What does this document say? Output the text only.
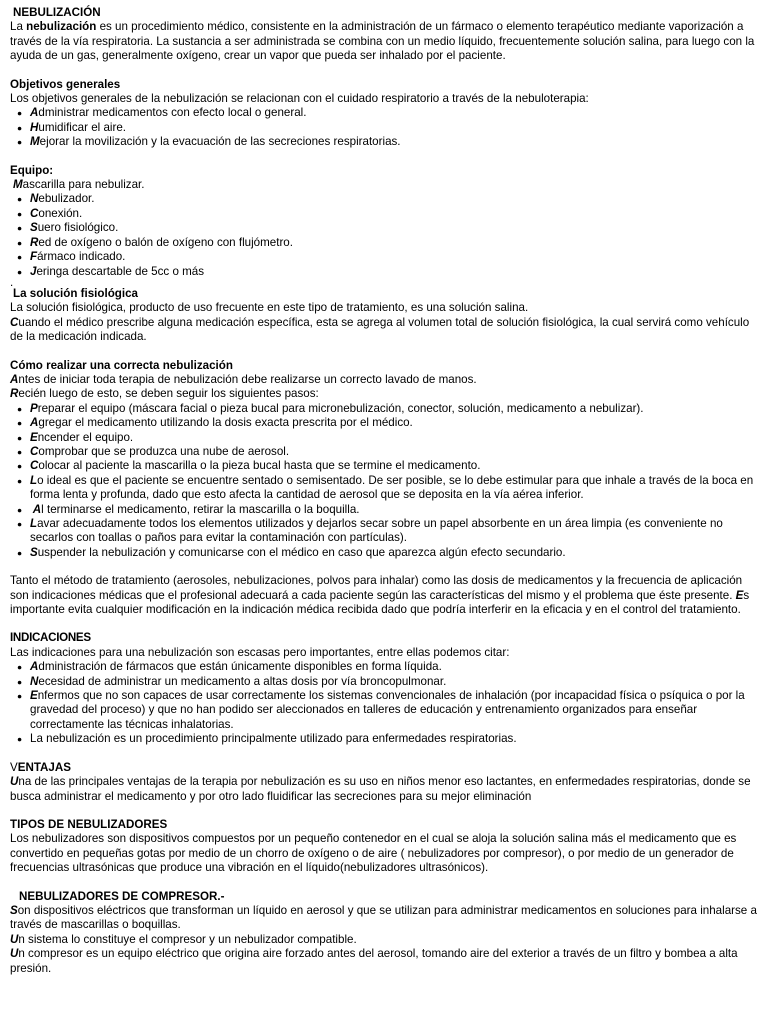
NEBULIZACIÓN

La nebulización es un procedimiento médico, consistente en la administración de un fármaco o elemento terapéutico mediante vaporización a través de la vía respiratoria. La sustancia a ser administrada se combina con un medio líquido, frecuentemente solución salina, para luego con la ayuda de un gas, generalmente oxígeno, crear un vapor que pueda ser inhalado por el paciente.

Objetivos generales

Los objetivos generales de la nebulización se relacionan con el cuidado respiratorio a través de la nebuloterapia:

● Administrar medicamentos con efecto local o general.
● Humidificar el aire.
● Mejorar la movilización y la evacuación de las secreciones respiratorias.
Equipo:

Mascarilla para nebulizar.

● Nebulizador.
● Conexión.
● Suero fisiológico.
● Red de oxígeno o balón de oxígeno con flujómetro.
● Fármaco indicado.
● Jeringa descartable de 5cc o más

.

La solución fisiológica

La solución fisiológica, producto de uso frecuente en este tipo de tratamiento, es una solución salina.

Cuando el médico prescribe alguna medicación específica, esta se agrega al volumen total de solución fisiológica, la cual servirá como vehículo de la medicación indicada.

Cómo realizar una correcta nebulización

Antes de iniciar toda terapia de nebulización debe realizarse un correcto lavado de manos.

Recién luego de esto, se deben seguir los siguientes pasos:

● Preparar el equipo (máscara facial o pieza bucal para micronebulización, conector, solución, medicamento a nebulizar).
● Agregar el medicamento utilizando la dosis exacta prescrita por el médico.
● Encender el equipo.
● Comprobar que se produzca una nube de aerosol.
● Colocar al paciente la mascarilla o la pieza bucal hasta que se termine el medicamento.
● Lo ideal es que el paciente se encuentre sentado o semisentado. De ser posible, se lo debe estimular para que inhale a través de la boca en forma lenta y profunda, dado que esto afecta la cantidad de aerosol que se deposita en la vía aérea inferior.
●  Al terminarse el medicamento, retirar la mascarilla o la boquilla.
● Lavar adecuadamente todos los elementos utilizados y dejarlos secar sobre un papel absorbente en un área limpia (es conveniente no secarlos con toallas o paños para evitar la contaminación con partículas).
● Suspender la nebulización y comunicarse con el médico en caso que aparezca algún efecto secundario.

Tanto el método de tratamiento (aerosoles, nebulizaciones, polvos para inhalar) como las dosis de medicamentos y la frecuencia de aplicación son indicaciones médicas que el profesional adecuará a cada paciente según las características del mismo y el problema que éste presente. Es importante evita cualquier modificación en la indicación médica recibida dado que podría interferir en la eficacia y en el control del tratamiento.

INDICACIONES

Las indicaciones para una nebulización son escasas pero importantes, entre ellas podemos citar:

● Administración de fármacos que están únicamente disponibles en forma líquida.
● Necesidad de administrar un medicamento a altas dosis por vía broncopulmonar.
● Enfermos que no son capaces de usar correctamente los sistemas convencionales de inhalación (por incapacidad física o psíquica o por la gravedad del proceso) y que no han podido ser aleccionados en talleres de educación y entrenamiento organizados para enseñar correctamente las técnicas inhalatorias.
● La nebulización es un procedimiento principalmente utilizado para enfermedades respiratorias.
VENTAJAS

Una de las principales ventajas de la terapia por nebulización es su uso en niños menor eso lactantes, en enfermedades respiratorias, donde se busca administrar el medicamento y por otro lado fluidificar las secreciones para su mejor eliminación

TIPOS DE NEBULIZADORES

Los nebulizadores son dispositivos compuestos por un pequeño contenedor en el cual se aloja la solución salina más el medicamento que es convertido en pequeñas gotas por medio de un chorro de oxígeno o de aire ( nebulizadores por compresor), o por medio de un generador de frecuencias ultrasónicas que produce una vibración en el líquido(nebulizadores ultrasónicos).

NEBULIZADORES DE COMPRESOR.-

Son dispositivos eléctricos que transforman un líquido en aerosol y que se utilizan para administrar medicamentos en soluciones para inhalarse a través de mascarillas o boquillas.

Un sistema lo constituye el compresor y un nebulizador compatible.

Un compresor es un equipo eléctrico que origina aire forzado antes del aerosol, tomando aire del exterior a través de un filtro y bombea a alta presión.
